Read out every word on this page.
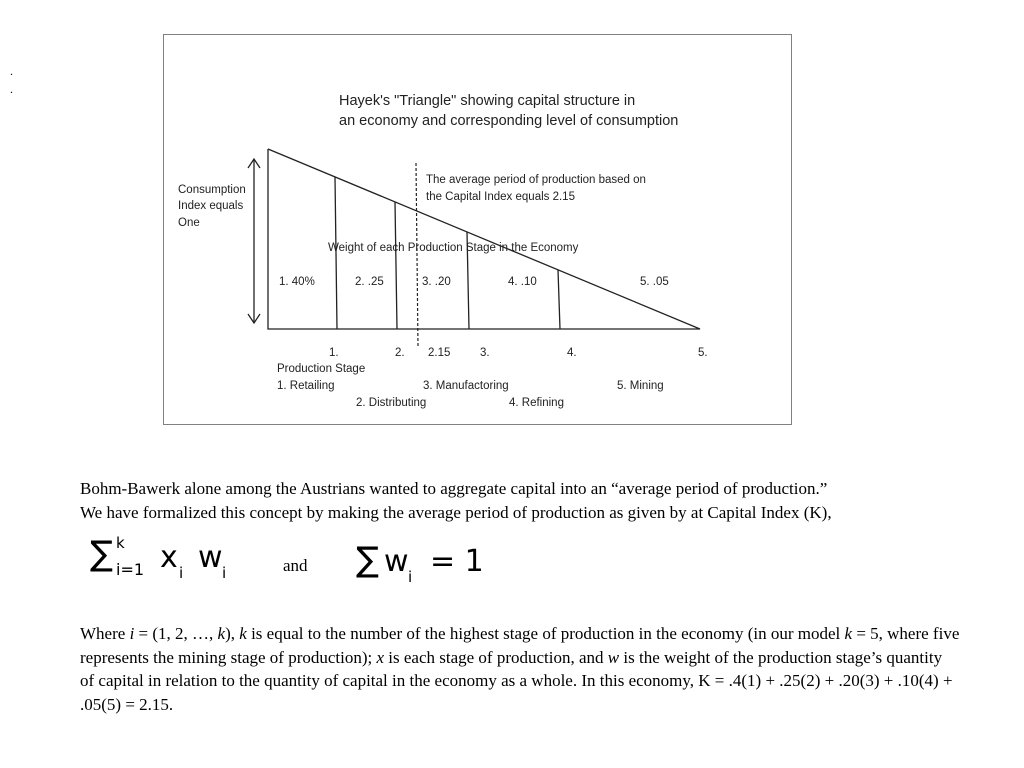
.
.
Hayek's "Triangle" showing capital structure in
an economy and corresponding level of consumption
Consumption
Index equals
One
The average period of production based on
the Capital Index equals 2.15
Weight of each Production Stage in the Economy
1. 40%	2. .25	3. .20	4. .10	5. .05
1.	2. 2.15	3.	4.	5.
Production Stage
1. Retailing
2. Distributing
3. Manufactoring
4. Refining
5. Mining

Bohm-Bawerk alone among the Austrians wanted to aggregate capital into an “average period of production.”
We have formalized this concept by making the average period of production as given by at Capital Index (K),

∑ k
i=1 x i w i	and ∑ w i = 1

Where i = (1, 2, …, k), k is equal to the number of the highest stage of production in the economy (in our model k = 5, where five represents the mining stage of production); x is each stage of production, and w is the weight of the production stage’s quantity of capital in relation to the quantity of capital in the economy as a whole. In this economy, K = .4(1) + .25(2) + .20(3) + .10(4) + .05(5) = 2.15.
